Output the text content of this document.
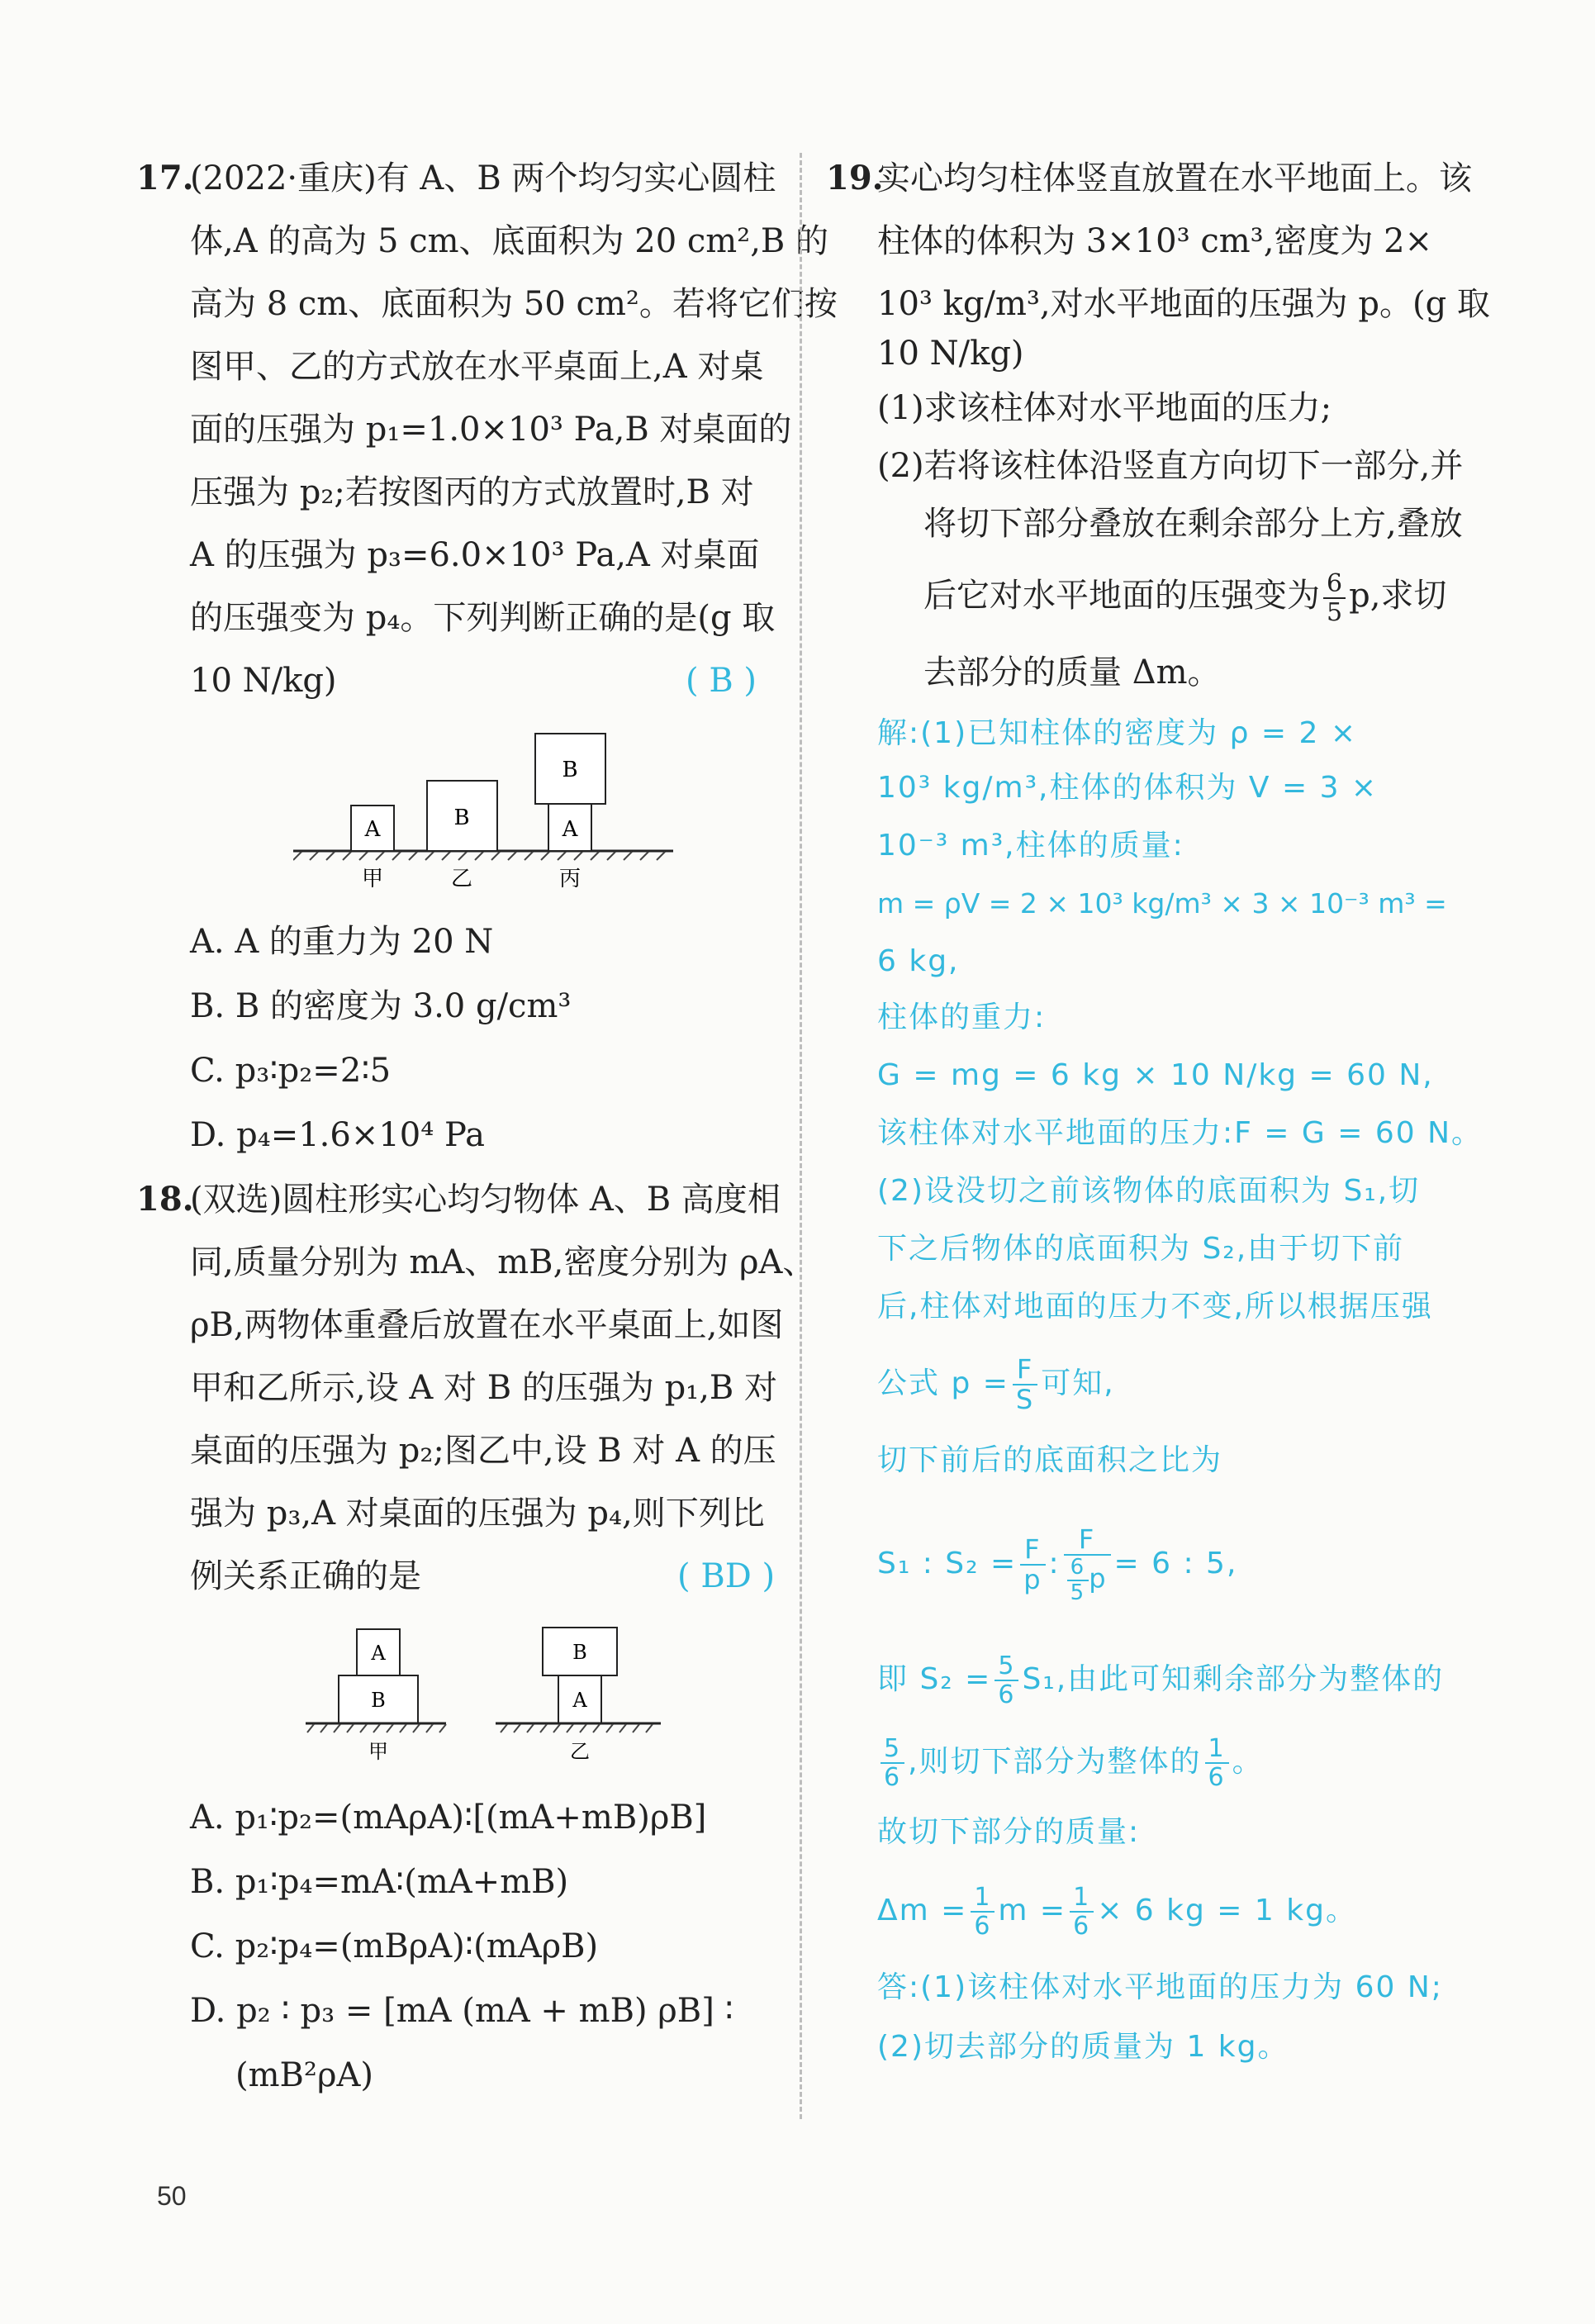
17.
(2022·重庆)有 A、B 两个均匀实心圆柱
体,A 的高为 5 cm、底面积为 20 cm²,B 的
高为 8 cm、底面积为 50 cm²。若将它们按
图甲、乙的方式放在水平桌面上,A 对桌
面的压强为 p₁=1.0×10³ Pa,B 对桌面的
压强为 p₂;若按图丙的方式放置时,B 对
A 的压强为 p₃=6.0×10³ Pa,A 对桌面
的压强变为 p₄。下列判断正确的是(g 取
10 N/kg)	( B )
A
甲
B
乙
B
A
丙
A. A 的重力为 20 N
B. B 的密度为 3.0 g/cm³
C. p₃∶p₂=2∶5
D. p₄=1.6×10⁴ Pa
18.
(双选)圆柱形实心均匀物体 A、B 高度相
同,质量分别为 mA、mB,密度分别为 ρA、
ρB,两物体重叠后放置在水平桌面上,如图
甲和乙所示,设 A 对 B 的压强为 p₁,B 对
桌面的压强为 p₂;图乙中,设 B 对 A 的压
强为 p₃,A 对桌面的压强为 p₄,则下列比
例关系正确的是	( BD )
A
B
甲
B
A
乙
A. p₁∶p₂=(mAρA)∶[(mA+mB)ρB]
B. p₁∶p₄=mA∶(mA+mB)
C. p₂∶p₄=(mBρA)∶(mAρB)
D. p₂ ∶ p₃ = [mA (mA + mB) ρB] ∶
(mB²ρA)
19.
实心均匀柱体竖直放置在水平地面上。该
柱体的体积为 3×10³ cm³,密度为 2×
10³ kg/m³,对水平地面的压强为 p。(g 取
10 N/kg)
(1)求该柱体对水平地面的压力;
(2)若将该柱体沿竖直方向切下一部分,并
将切下部分叠放在剩余部分上方,叠放
后它对水平地面的压强变为 $\frac{6}{5} p$,求切
去部分的质量 Δm。
解:(1)已知柱体的密度为 ρ = 2 ×
10³ kg/m³,柱体的体积为 V = 3 ×
10⁻³ m³,柱体的质量:
m = ρV = 2 × 10³ kg/m³ × 3 × 10⁻³ m³ =
6 kg,
柱体的重力:
G = mg = 6 kg × 10 N/kg = 60 N,
该柱体对水平地面的压力:F = G = 60 N。
(2)设没切之前该物体的底面积为 S₁,切
下之后物体的底面积为 S₂,由于切下前
后,柱体对地面的压力不变,所以根据压强
公式 $p = \frac{F}{S}$ 可知,
切下前后的底面积之比为
S₁ : $S_2 = \frac{F}{p}$ : $\frac{F}{\frac{6}{5} p} = 6$ : 5,
即 $S_2 = \frac{5}{6} S_1$,由此可知剩余部分为整体的
$\frac{5}{6}$ ,则切下部分为整体的 $\frac{1}{6}$ 。
故切下部分的质量:
$\Delta m = \frac{1}{6}$ $m = \frac{1}{6} \times 6$ kg = 1 kg。
答:(1)该柱体对水平地面的压力为 60 N;
(2)切去部分的质量为 1 kg。
50
